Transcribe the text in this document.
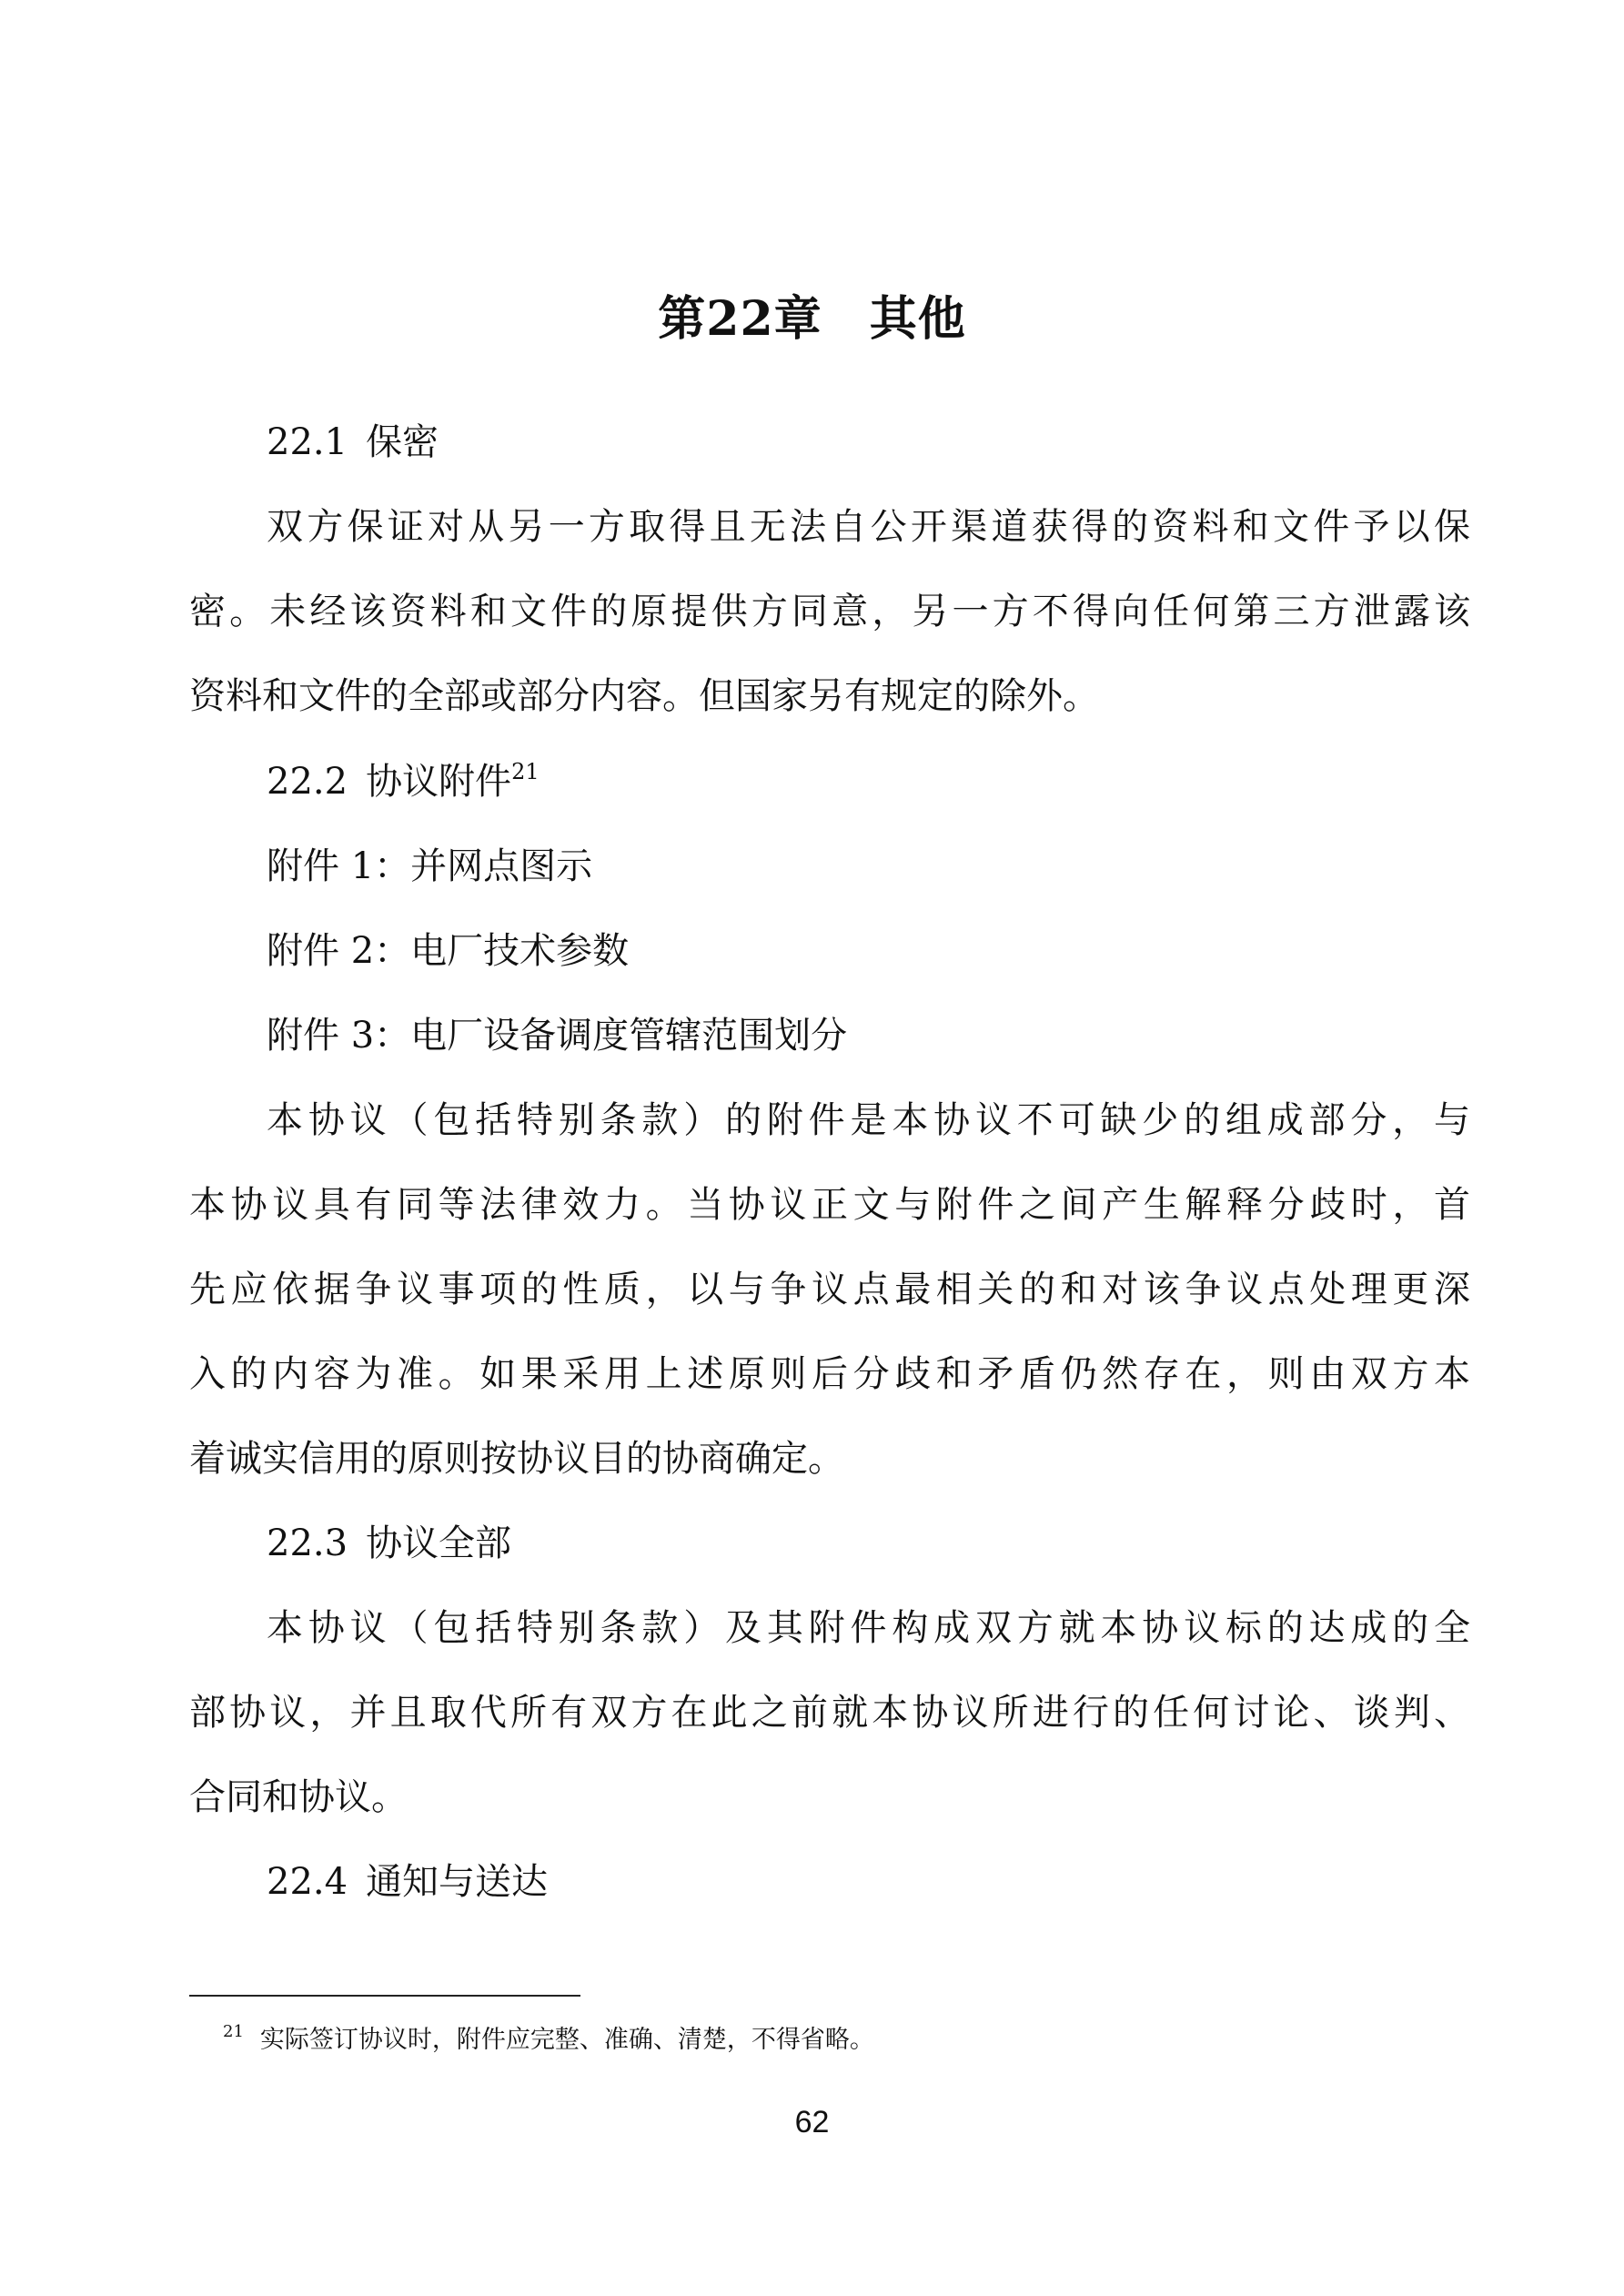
第22章 其他
22.1 保密
双方保证对从另一方取得且无法自公开渠道获得的资料和文件予以保
密。未经该资料和文件的原提供方同意，另一方不得向任何第三方泄露该
资料和文件的全部或部分内容。但国家另有规定的除外。
22.2 协议附件$^{21}$
附件 1：并网点图示
附件 2：电厂技术参数
附件 3：电厂设备调度管辖范围划分
本协议（包括特别条款）的附件是本协议不可缺少的组成部分，与
本协议具有同等法律效力。当协议正文与附件之间产生解释分歧时，首
先应依据争议事项的性质，以与争议点最相关的和对该争议点处理更深
入的内容为准。如果采用上述原则后分歧和矛盾仍然存在，则由双方本
着诚实信用的原则按协议目的协商确定。
22.3 协议全部
本协议（包括特别条款）及其附件构成双方就本协议标的达成的全
部协议，并且取代所有双方在此之前就本协议所进行的任何讨论、谈判、
合同和协议。
22.4 通知与送达
$^{21}$ 实际签订协议时，附件应完整、准确、清楚，不得省略。
62
